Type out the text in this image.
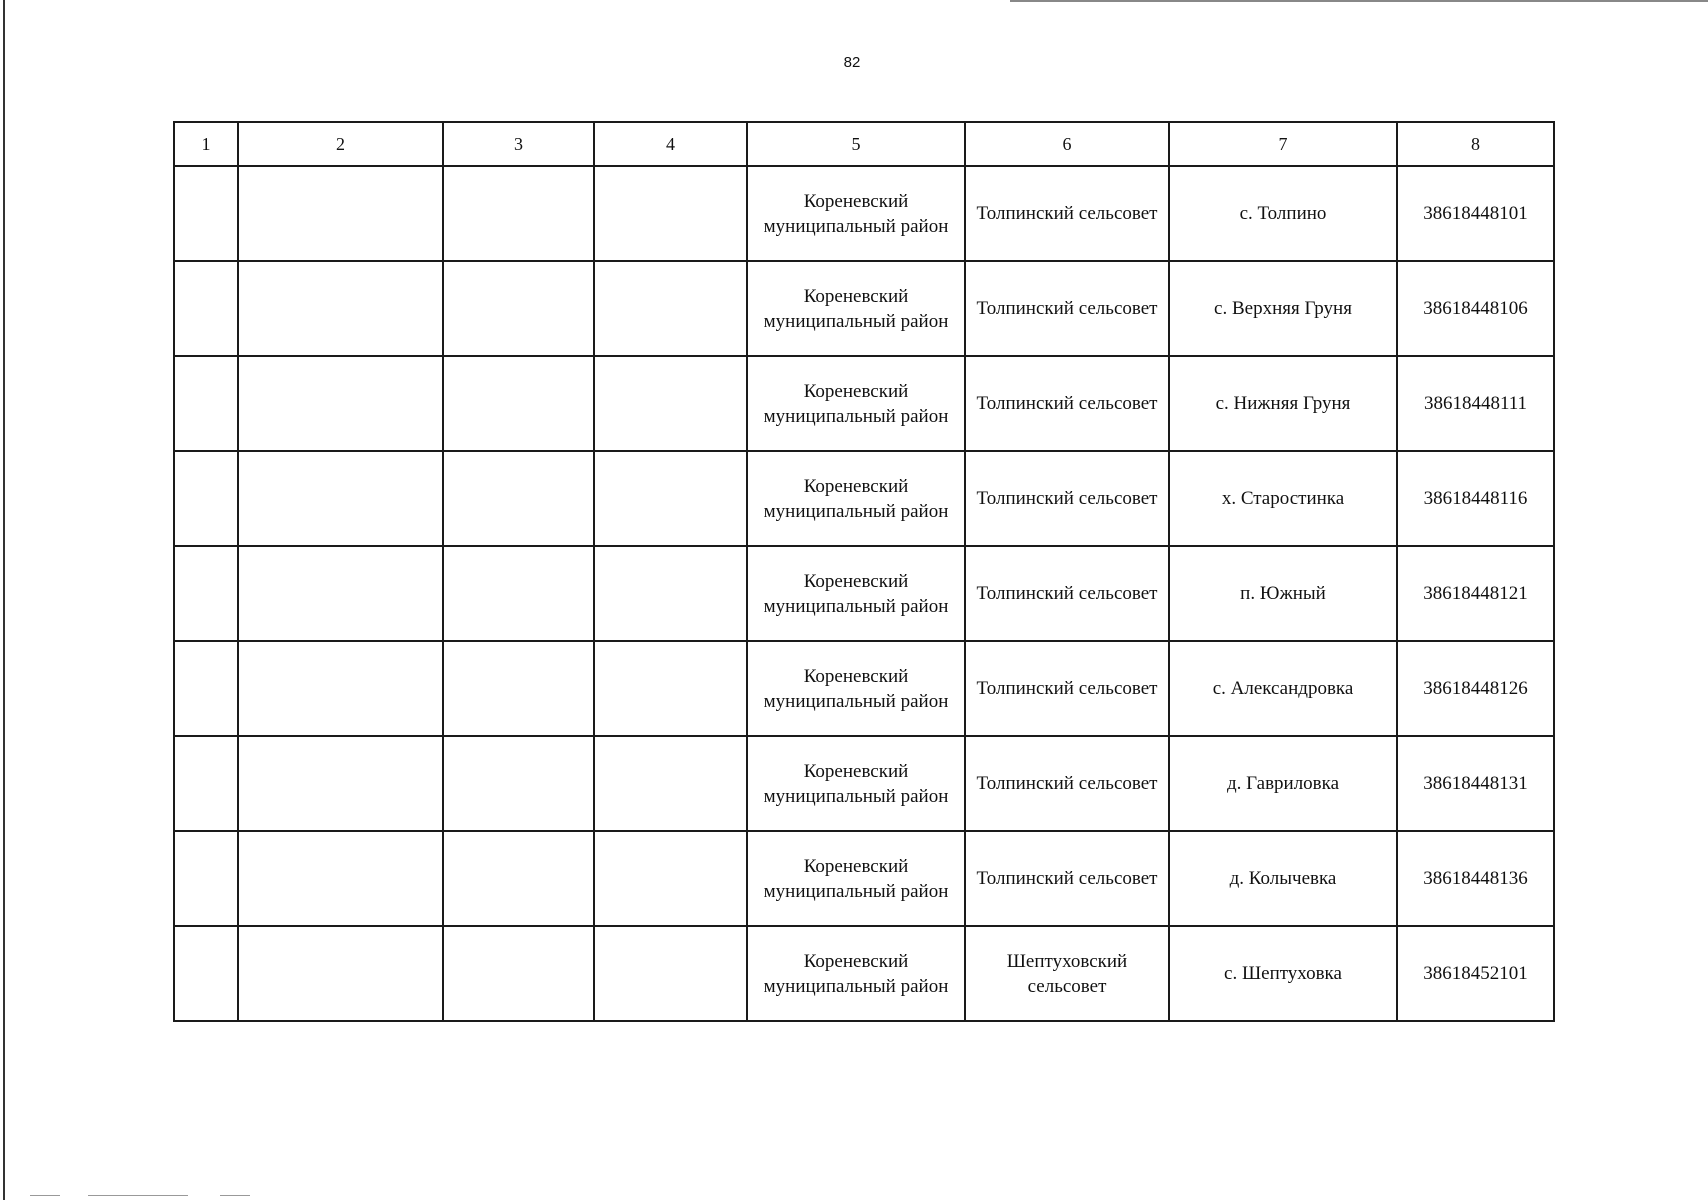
82
1	2	3	4	5	6	7	8
				Кореневский муниципальный район	Толпинский сельсовет	с. Толпино	38618448101
				Кореневский муниципальный район	Толпинский сельсовет	с. Верхняя Груня	38618448106
				Кореневский муниципальный район	Толпинский сельсовет	с. Нижняя Груня	38618448111
				Кореневский муниципальный район	Толпинский сельсовет	х. Старостинка	38618448116
				Кореневский муниципальный район	Толпинский сельсовет	п. Южный	38618448121
				Кореневский муниципальный район	Толпинский сельсовет	с. Александровка	38618448126
				Кореневский муниципальный район	Толпинский сельсовет	д. Гавриловка	38618448131
				Кореневский муниципальный район	Толпинский сельсовет	д. Колычевка	38618448136
				Кореневский муниципальный район	Шептуховский сельсовет	с. Шептуховка	38618452101
